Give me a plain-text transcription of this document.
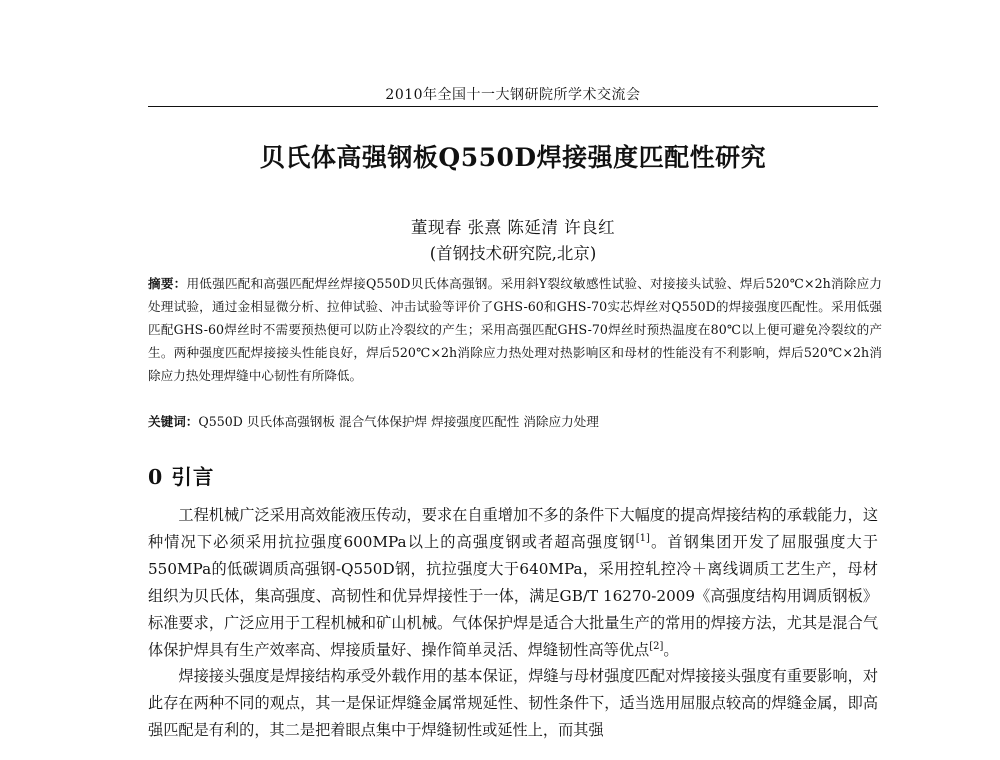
2010年全国十一大钢研院所学术交流会
贝氏体高强钢板Q550D焊接强度匹配性研究
董现春 张熹 陈延清 许良红
(首钢技术研究院,北京)
摘要：用低强匹配和高强匹配焊丝焊接Q550D贝氏体高强钢。采用斜Y裂纹敏感性试验、对接接头试验、焊后520℃×2h消除应力处理试验，通过金相显微分析、拉伸试验、冲击试验等评价了GHS-60和GHS-70实芯焊丝对Q550D的焊接强度匹配性。采用低强匹配GHS-60焊丝时不需要预热便可以防止冷裂纹的产生；采用高强匹配GHS-70焊丝时预热温度在80℃以上便可避免冷裂纹的产生。两种强度匹配焊接接头性能良好，焊后520℃×2h消除应力热处理对热影响区和母材的性能没有不利影响，焊后520℃×2h消除应力热处理焊缝中心韧性有所降低。
关键词：Q550D 贝氏体高强钢板 混合气体保护焊 焊接强度匹配性 消除应力处理
0 引言

工程机械广泛采用高效能液压传动，要求在自重增加不多的条件下大幅度的提高焊接结构的承载能力，这种情况下必须采用抗拉强度600MPa以上的高强度钢或者超高强度钢[1]。首钢集团开发了屈服强度大于550MPa的低碳调质高强钢-Q550D钢，抗拉强度大于640MPa，采用控轧控冷＋离线调质工艺生产，母材组织为贝氏体，集高强度、高韧性和优异焊接性于一体，满足GB/T 16270-2009《高强度结构用调质钢板》标准要求，广泛应用于工程机械和矿山机械。气体保护焊是适合大批量生产的常用的焊接方法，尤其是混合气体保护焊具有生产效率高、焊接质量好、操作简单灵活、焊缝韧性高等优点[2]。

焊接接头强度是焊接结构承受外载作用的基本保证，焊缝与母材强度匹配对焊接接头强度有重要影响，对此存在两种不同的观点，其一是保证焊缝金属常规延性、韧性条件下，适当选用屈服点较高的焊缝金属，即高强匹配是有利的，其二是把着眼点集中于焊缝韧性或延性上，而其强
